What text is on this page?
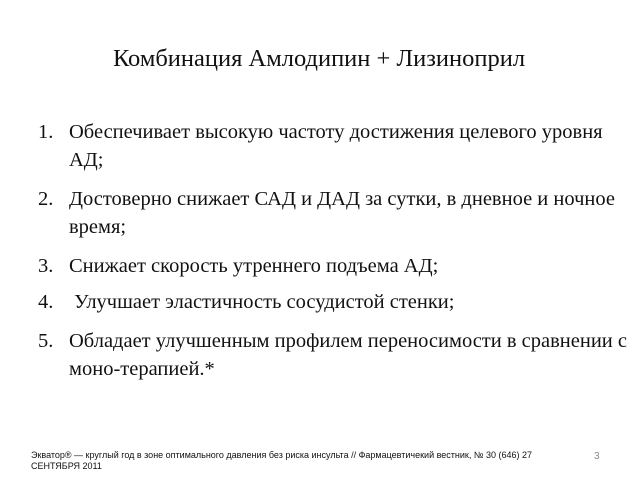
Комбинация Амлодипин + Лизиноприл
1. Обеспечивает высокую частоту достижения целевого уровня АД;
2. Достоверно снижает САД и ДАД за сутки, в дневное и ночное время;
3. Снижает скорость утреннего подъема АД;
4. Улучшает эластичность сосудистой стенки;
5. Обладает улучшенным профилем переносимости в сравнении с моно-терапией.*
Экватор® — круглый год в зоне оптимального давления без риска инсульта // Фармацевтичекий вестник, № 30 (646) 27 СЕНТЯБРЯ 2011
3
